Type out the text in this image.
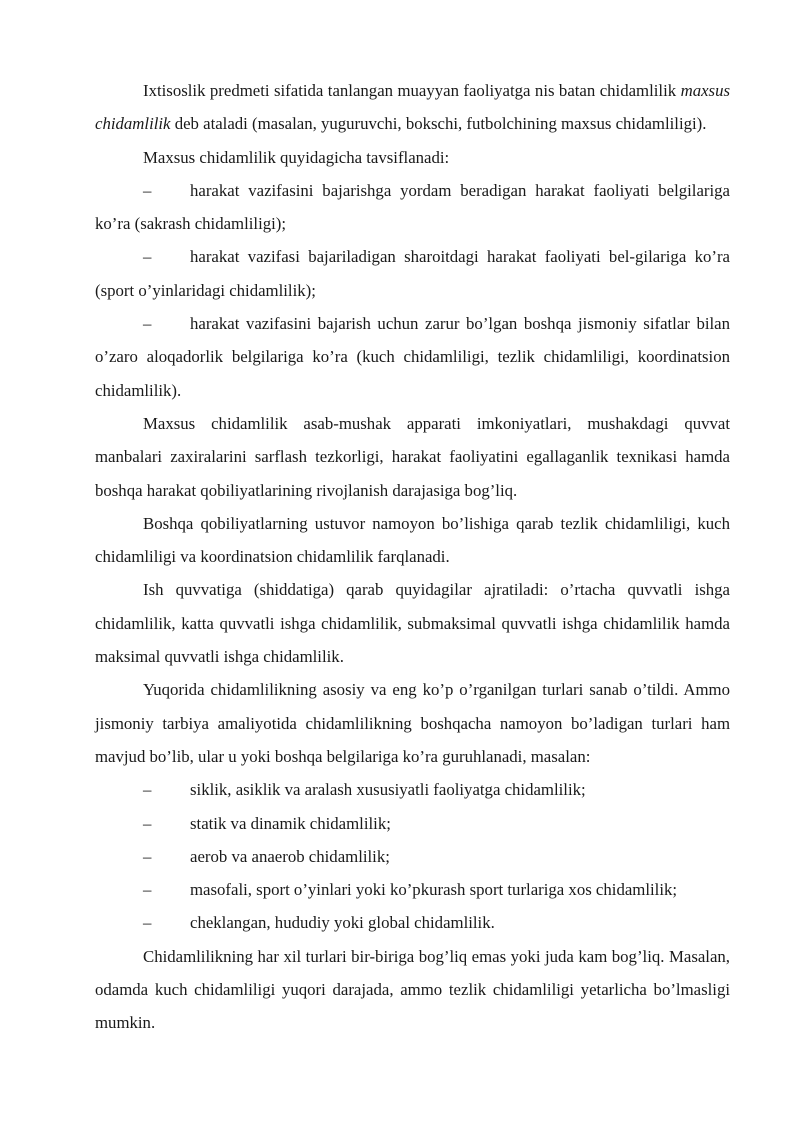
Ixtisoslik predmeti sifatida tanlangan muayyan faoliyatga nis batan chidamlilik maxsus chidamlilik deb ataladi (masalan, yuguruvchi, bokschi, futbolchining maxsus chidamliligi).

Maxsus chidamlilik quyidagicha tavsiflanadi:

– harakat vazifasini bajarishga yordam beradigan harakat faoliyati belgilariga ko’ra (sakrash chidamliligi);

– harakat vazifasi bajariladigan sharoitdagi harakat faoliyati bel-gilariga ko’ra (sport o’yinlaridagi chidamlilik);

– harakat vazifasini bajarish uchun zarur bo’lgan boshqa jismoniy sifatlar bilan o’zaro aloqadorlik belgilariga ko’ra (kuch chidamliligi, tezlik chidamliligi, koordinatsion chidamlilik).

Maxsus chidamlilik asab-mushak apparati imkoniyatlari, mushakdagi quvvat manbalari zaxiralarini sarflash tezkorligi, harakat faoliyatini egallaganlik texnikasi hamda boshqa harakat qobiliyatlarining rivojlanish darajasiga bog’liq.

Boshqa qobiliyatlarning ustuvor namoyon bo’lishiga qarab tezlik chidamliligi, kuch chidamliligi va koordinatsion chidamlilik farqlanadi.

Ish quvvatiga (shiddatiga) qarab quyidagilar ajratiladi: o’rtacha quvvatli ishga chidamlilik, katta quvvatli ishga chidamlilik, submaksimal quvvatli ishga chidamlilik hamda maksimal quvvatli ishga chidamlilik.

Yuqorida chidamlilikning asosiy va eng ko’p o’rganilgan turlari sanab o’tildi. Ammo jismoniy tarbiya amaliyotida chidamlilikning boshqacha namoyon bo’ladigan turlari ham mavjud bo’lib, ular u yoki boshqa belgilariga ko’ra guruhlanadi, masalan:

–	siklik, asiklik va aralash xususiyatli faoliyatga chidamlilik;

–	statik va dinamik chidamlilik;

–	aerob va anaerob chidamlilik;

–	masofali, sport o’yinlari yoki ko’pkurash sport turlariga xos chidamlilik;

–	cheklangan, hududiy yoki global chidamlilik.

Chidamlilikning har xil turlari bir-biriga bog’liq emas yoki juda kam bog’liq. Masalan, odamda kuch chidamliligi yuqori darajada, ammo tezlik chidamliligi yetarlicha bo’lmasligi mumkin.
